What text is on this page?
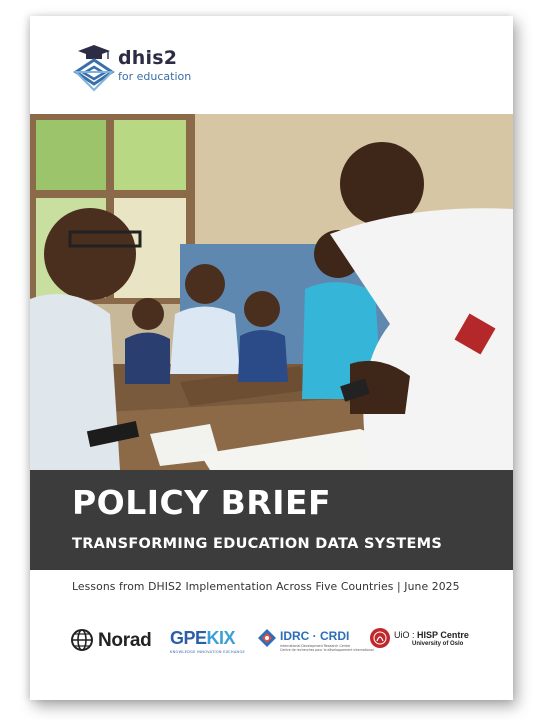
dhis2
for education
POLICY BRIEF
TRANSFORMING EDUCATION DATA SYSTEMS
Lessons from DHIS2 Implementation Across Five Countries | June 2025
Norad GPEKIX
KNOWLEDGE INNOVATION EXCHANGE
IDRC · CRDI
International Development Research Centre
Centre de recherches pour le développement international
UiO : HISP Centre
University of Oslo
